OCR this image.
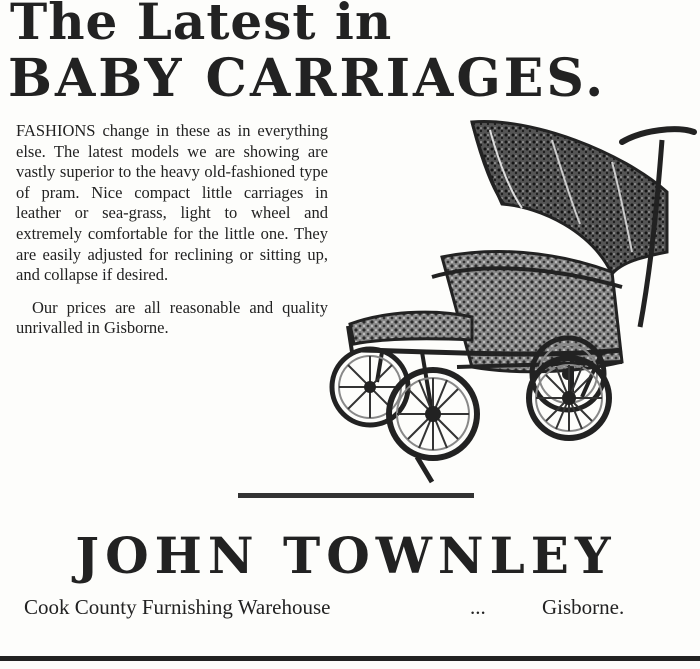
The Latest in
BABY CARRIAGES.

FASHIONS change in these as in everything else. The latest models we are showing are vastly superior to the heavy old-fashioned type of pram. Nice compact little carriages in leather or sea-grass, light to wheel and extremely comfortable for the little one. They are easily adjusted for reclining or sitting up, and collapse if desired.

Our prices are all reasonable and quality unrivalled in Gisborne.

JOHN TOWNLEY
Cook County Furnishing Warehouse	...	Gisborne.
